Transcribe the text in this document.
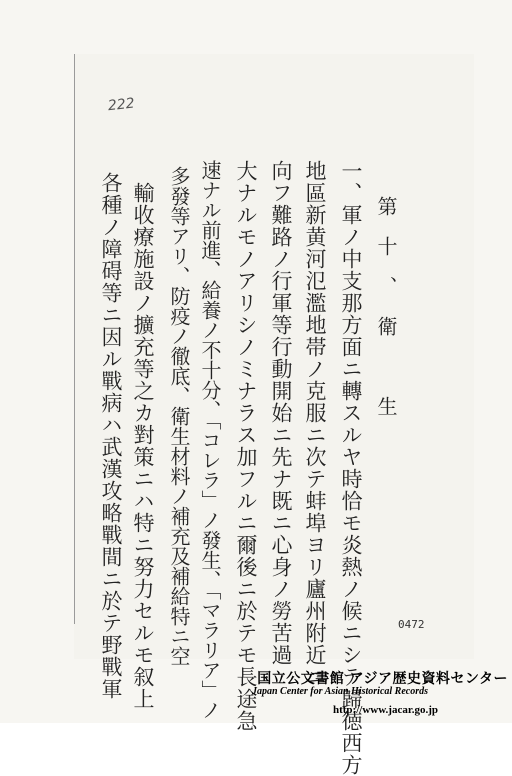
222
第十、衛　生
一、軍ノ中支那方面ニ轉スルヤ時恰モ炎熱ノ候ニシテ歸徳西方
地區新黄河氾濫地帯ノ克服ニ次テ蚌埠ヨリ廬州附近ニ
向フ難路ノ行軍等行動開始ニ先ナ既ニ心身ノ勞苦過
大ナルモノアリシノミナラス加フルニ爾後ニ於テモ長途急
速ナル前進、給養ノ不十分、「コレラ」ノ發生、「マラリア」ノ
多發等アリ、防疫ノ徹底、衛生材料ノ補充及補給特ニ空
輸收療施設ノ擴充等之カ對策ニハ特ニ努力セルモ叙上
各種ノ障碍等ニ因ル戰病ハ武漢攻略戰間ニ於テ野戰軍	0472
国立公文書館 アジア歴史資料センター
Japan Center for Asian Historical Records
http://www.jacar.go.jp
